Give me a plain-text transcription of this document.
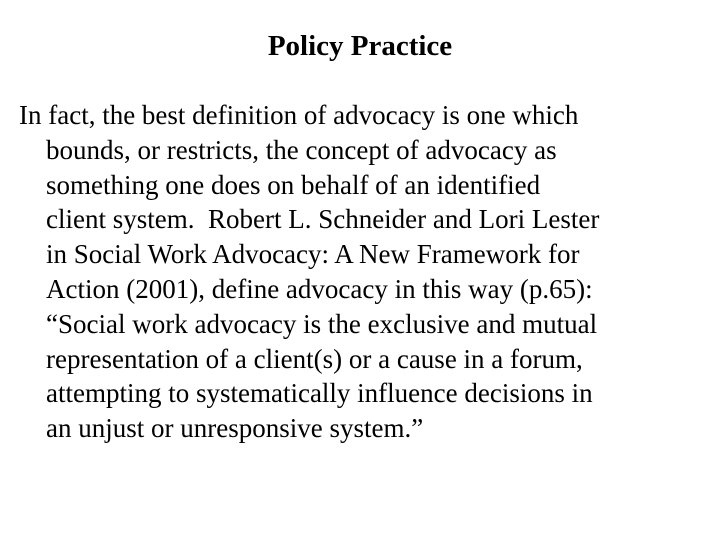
Policy Practice
In fact, the best definition of advocacy is one which
bounds, or restricts, the concept of advocacy as
something one does on behalf of an identified
client system.  Robert L. Schneider and Lori Lester
in Social Work Advocacy: A New Framework for
Action (2001), define advocacy in this way (p.65):
“Social work advocacy is the exclusive and mutual
representation of a client(s) or a cause in a forum,
attempting to systematically influence decisions in
an unjust or unresponsive system.”
